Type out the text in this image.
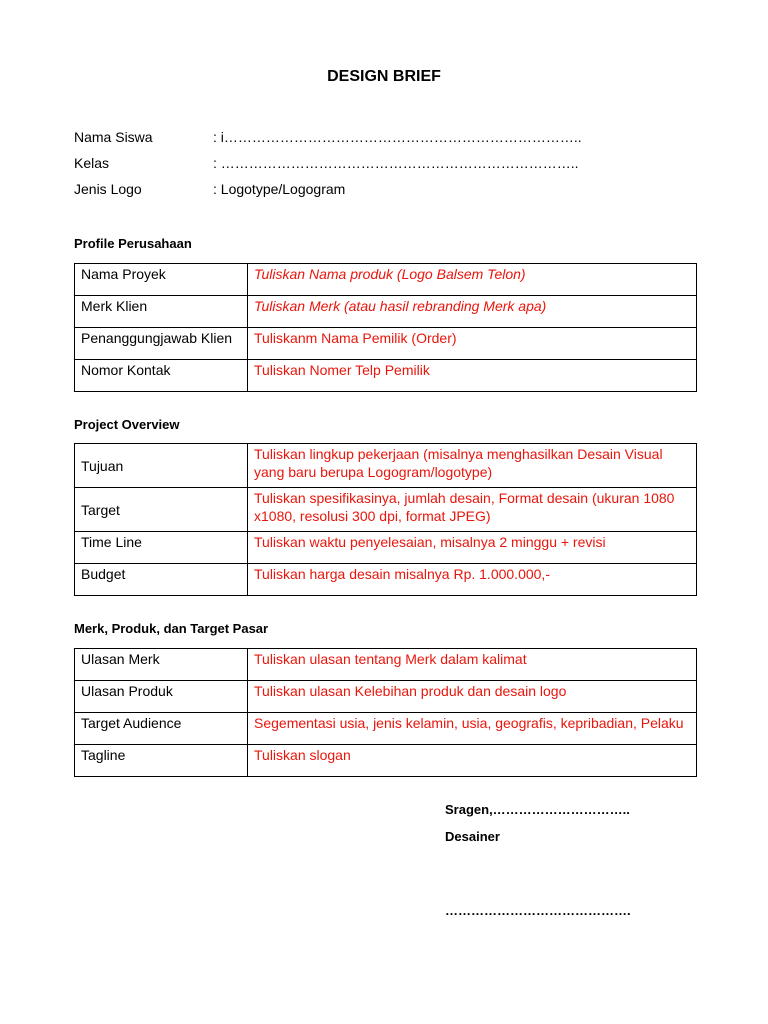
DESIGN BRIEF
Nama Siswa	: i…………………………………………………………………..
Kelas	: …………………………………………………………………..
Jenis Logo	: Logotype/Logogram
Profile Perusahaan
Nama Proyek	Tuliskan Nama produk (Logo Balsem Telon)
Merk Klien	Tuliskan Merk (atau hasil rebranding Merk apa)
Penanggungjawab Klien	Tuliskanm Nama Pemilik (Order)
Nomor Kontak	Tuliskan Nomer Telp Pemilik
Project Overview
Tujuan	Tuliskan lingkup pekerjaan (misalnya menghasilkan Desain Visual yang baru berupa Logogram/logotype)
Target	Tuliskan spesifikasinya, jumlah desain, Format desain (ukuran 1080 x1080, resolusi 300 dpi, format JPEG)
Time Line	Tuliskan waktu penyelesaian, misalnya 2 minggu + revisi
Budget	Tuliskan harga desain misalnya Rp. 1.000.000,-
Merk, Produk, dan Target Pasar
Ulasan Merk	Tuliskan ulasan tentang Merk dalam kalimat
Ulasan Produk	Tuliskan ulasan Kelebihan produk dan desain logo
Target Audience	Segementasi usia, jenis kelamin, usia, geografis, kepribadian, Pelaku
Tagline	Tuliskan slogan
Sragen,…………………………..
Desainer
…………………………………….
